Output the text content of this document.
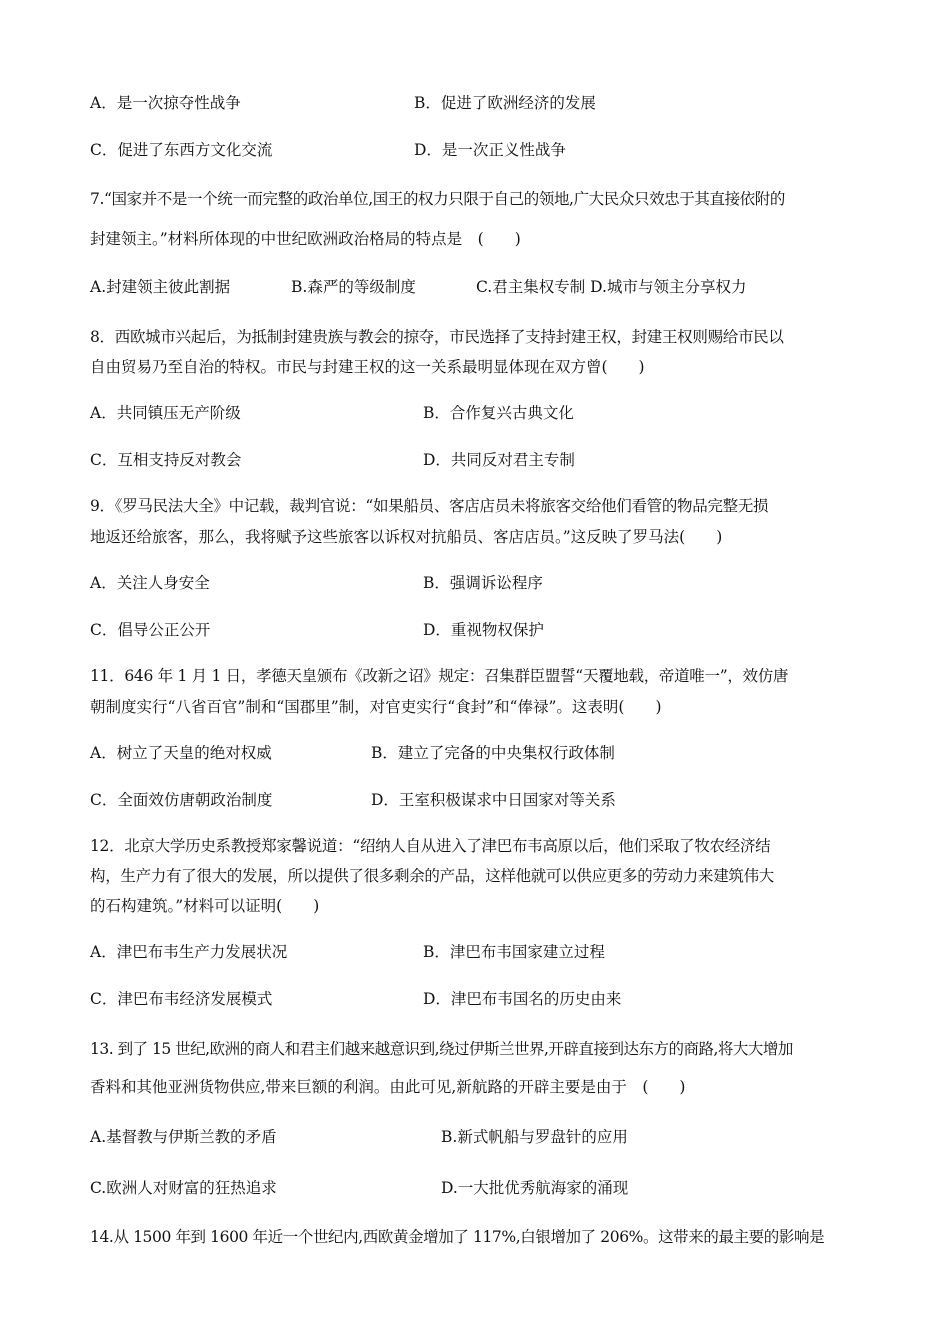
A．是一次掠夺性战争	B．促进了欧洲经济的发展
C．促进了东西方文化交流	D．是一次正义性战争
7.“国家并不是一个统一而完整的政治单位,国王的权力只限于自己的领地,广大民众只效忠于其直接依附的
封建领主。”材料所体现的中世纪欧洲政治格局的特点是　(　　)
A.封建领主彼此割据	B.森严的等级制度	C.君主集权专制 D.城市与领主分享权力
8．西欧城市兴起后，为抵制封建贵族与教会的掠夺，市民选择了支持封建王权，封建王权则赐给市民以
自由贸易乃至自治的特权。市民与封建王权的这一关系最明显体现在双方曾(　　)
A．共同镇压无产阶级	B．合作复兴古典文化
C．互相支持反对教会	D．共同反对君主专制
9．《罗马民法大全》中记载，裁判官说：“如果船员、客店店员未将旅客交给他们看管的物品完整无损
地返还给旅客，那么，我将赋予这些旅客以诉权对抗船员、客店店员。”这反映了罗马法(　　)
A．关注人身安全	B．强调诉讼程序
C．倡导公正公开	D．重视物权保护
11．646 年 1 月 1 日，孝德天皇颁布《改新之诏》规定：召集群臣盟誓“天覆地载，帝道唯一”，效仿唐
朝制度实行“八省百官”制和“国郡里”制，对官吏实行“食封”和“俸禄”。这表明(　　)
A．树立了天皇的绝对权威	B．建立了完备的中央集权行政体制
C．全面效仿唐朝政治制度	D．王室积极谋求中日国家对等关系
12．北京大学历史系教授郑家馨说道：“绍纳人自从进入了津巴布韦高原以后，他们采取了牧农经济结
构，生产力有了很大的发展，所以提供了很多剩余的产品，这样他就可以供应更多的劳动力来建筑伟大
的石构建筑。”材料可以证明(　　)
A．津巴布韦生产力发展状况	B．津巴布韦国家建立过程
C．津巴布韦经济发展模式	D．津巴布韦国名的历史由来
13. 到了 15 世纪,欧洲的商人和君主们越来越意识到,绕过伊斯兰世界,开辟直接到达东方的商路,将大大增加
香料和其他亚洲货物供应,带来巨额的利润。由此可见,新航路的开辟主要是由于　(　　)
A.基督教与伊斯兰教的矛盾	B.新式帆船与罗盘针的应用
C.欧洲人对财富的狂热追求	D.一大批优秀航海家的涌现
14.从 1500 年到 1600 年近一个世纪内,西欧黄金增加了 117%,白银增加了 206%。这带来的最主要的影响是
